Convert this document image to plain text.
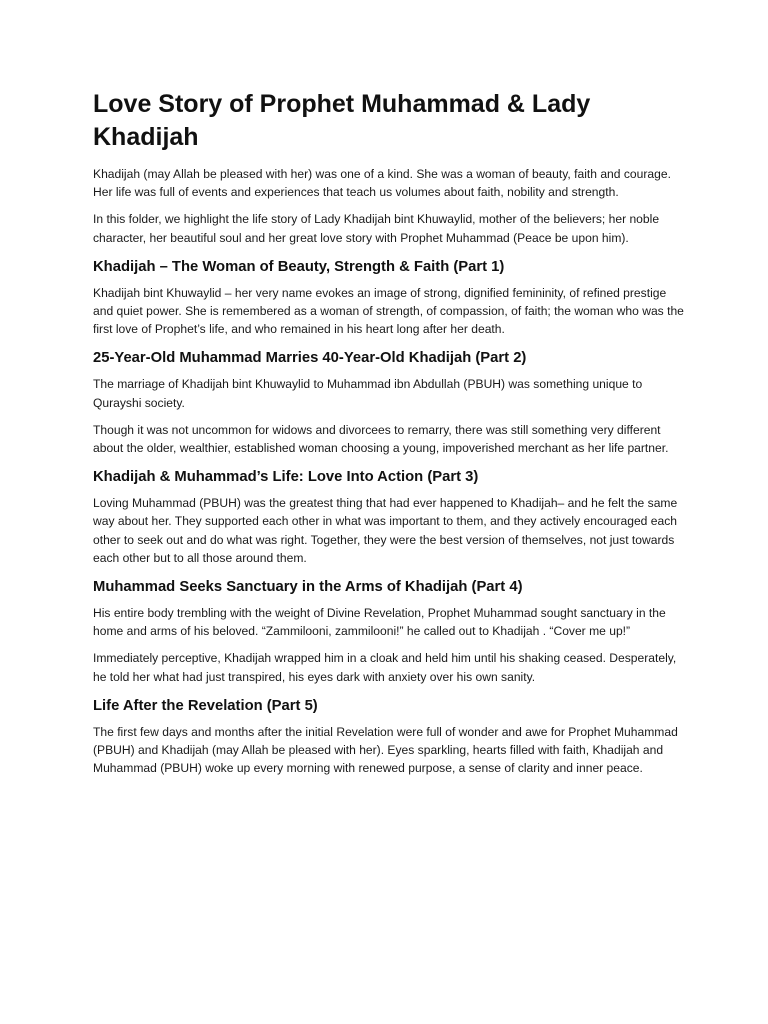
Love Story of Prophet Muhammad & Lady Khadijah

Khadijah (may Allah be pleased with her) was one of a kind. She was a woman of beauty, faith and courage. Her life was full of events and experiences that teach us volumes about faith, nobility and strength.

In this folder, we highlight the life story of Lady Khadijah bint Khuwaylid, mother of the believers; her noble character, her beautiful soul and her great love story with Prophet Muhammad (Peace be upon him).

Khadijah – The Woman of Beauty, Strength & Faith (Part 1)

Khadijah bint Khuwaylid – her very name evokes an image of strong, dignified femininity, of refined prestige and quiet power. She is remembered as a woman of strength, of compassion, of faith; the woman who was the first love of Prophet’s life, and who remained in his heart long after her death.

25-Year-Old Muhammad Marries 40-Year-Old Khadijah (Part 2)

The marriage of Khadijah bint Khuwaylid to Muhammad ibn Abdullah (PBUH) was something unique to Qurayshi society.

Though it was not uncommon for widows and divorcees to remarry, there was still something very different about the older, wealthier, established woman choosing a young, impoverished merchant as her life partner.

Khadijah & Muhammad’s Life: Love Into Action (Part 3)

Loving Muhammad (PBUH) was the greatest thing that had ever happened to Khadijah– and he felt the same way about her. They supported each other in what was important to them, and they actively encouraged each other to seek out and do what was right. Together, they were the best version of themselves, not just towards each other but to all those around them.

Muhammad Seeks Sanctuary in the Arms of Khadijah (Part 4)

His entire body trembling with the weight of Divine Revelation, Prophet Muhammad sought sanctuary in the home and arms of his beloved. “Zammilooni, zammilooni!” he called out to Khadijah . “Cover me up!”

Immediately perceptive, Khadijah wrapped him in a cloak and held him until his shaking ceased. Desperately, he told her what had just transpired, his eyes dark with anxiety over his own sanity.

Life After the Revelation (Part 5)

The first few days and months after the initial Revelation were full of wonder and awe for Prophet Muhammad (PBUH) and Khadijah (may Allah be pleased with her). Eyes sparkling, hearts filled with faith, Khadijah and Muhammad (PBUH) woke up every morning with renewed purpose, a sense of clarity and inner peace.
